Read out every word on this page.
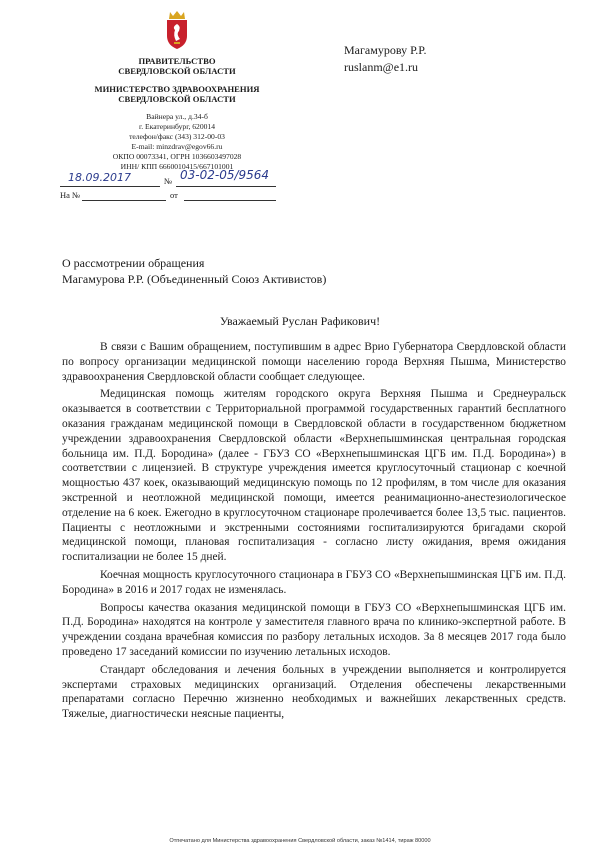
ПРАВИТЕЛЬСТВО
СВЕРДЛОВСКОЙ ОБЛАСТИ
МИНИСТЕРСТВО ЗДРАВООХРАНЕНИЯ
СВЕРДЛОВСКОЙ ОБЛАСТИ
Вайнера ул., д.34-б
г. Екатеринбург, 620014
телефон/факс (343) 312-00-03
E-mail: minzdrav@egov66.ru
ОКПО 00073341, ОГРН 1036603497028
ИНН/ КПП 6660010415/667101001
18.09.2017	№ 03-02-05/9564
На №	от
Магамурову Р.Р.
ruslanm@e1.ru
О рассмотрении обращения
Магамурова Р.Р. (Объединенный Союз Активистов)
Уважаемый Руслан Рафикович!

В связи с Вашим обращением, поступившим в адрес Врио Губернатора Свердловской области по вопросу организации медицинской помощи населению города Верхняя Пышма, Министерство здравоохранения Свердловской области сообщает следующее.

Медицинская помощь жителям городского округа Верхняя Пышма и Среднеуральск оказывается в соответствии с Территориальной программой государственных гарантий бесплатного оказания гражданам медицинской помощи в Свердловской области в государственном бюджетном учреждении здравоохранения Свердловской области «Верхнепышминская центральная городская больница им. П.Д. Бородина» (далее - ГБУЗ СО «Верхнепышминская ЦГБ им. П.Д. Бородина») в соответствии с лицензией. В структуре учреждения имеется круглосуточный стационар с коечной мощностью 437 коек, оказывающий медицинскую помощь по 12 профилям, в том числе для оказания экстренной и неотложной медицинской помощи, имеется реанимационно-анестезиологическое отделение на 6 коек. Ежегодно в круглосуточном стационаре пролечивается более 13,5 тыс. пациентов. Пациенты с неотложными и экстренными состояниями госпитализируются бригадами скорой медицинской помощи, плановая госпитализация - согласно листу ожидания, время ожидания госпитализации не более 15 дней.

Коечная мощность круглосуточного стационара в ГБУЗ СО «Верхнепышминская ЦГБ им. П.Д. Бородина» в 2016 и 2017 годах не изменялась.

Вопросы качества оказания медицинской помощи в ГБУЗ СО «Верхнепышминская ЦГБ им. П.Д. Бородина» находятся на контроле у заместителя главного врача по клинико-экспертной работе. В учреждении создана врачебная комиссия по разбору летальных исходов. За 8 месяцев 2017 года было проведено 17 заседаний комиссии по изучению летальных исходов.

Стандарт обследования и лечения больных в учреждении выполняется и контролируется экспертами страховых медицинских организаций. Отделения обеспечены лекарственными препаратами согласно Перечню жизненно необходимых и важнейших лекарственных средств. Тяжелые, диагностически неясные пациенты,

Отпечатано для Министерства здравоохранения Свердловской области, заказ №1414, тираж 80000
